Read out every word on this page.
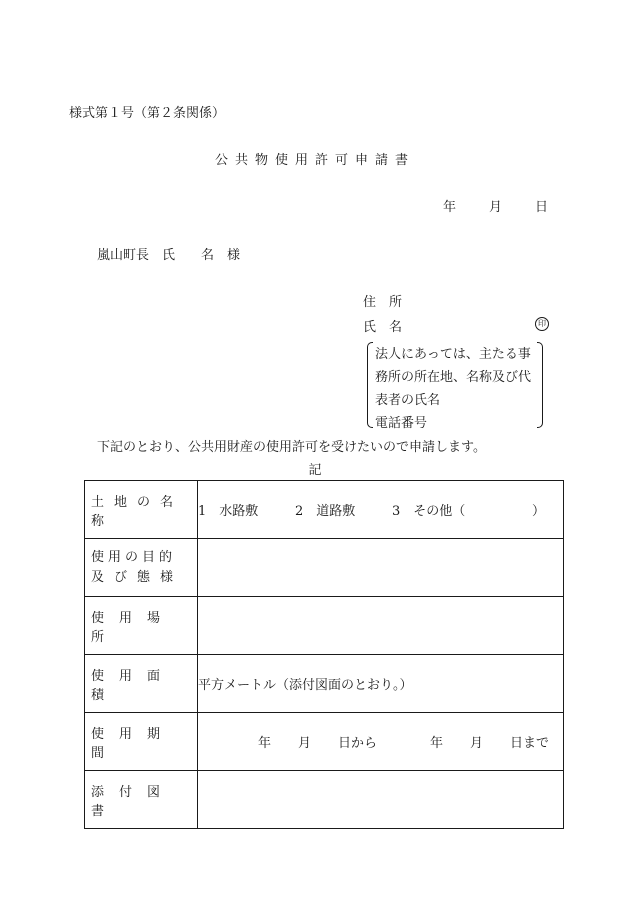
様式第１号（第２条関係）
公共物使用許可申請書
年	月	日
嵐山町長　氏　　名　様
住　所
氏　名	印
法人にあっては、主たる事
務所の所在地、名称及び代
表者の氏名
電話番号
下記のとおり、公共用財産の使用許可を受けたいので申請します。
記
土地の名称	1　水路敷 2　道路敷 3　その他（ ）

使用の目的
及び態様	

使用場所	
使用面積	平方メートル（添付図面のとおり。）
使用期間	年 月 日から 年 月 日まで
添付図書	
